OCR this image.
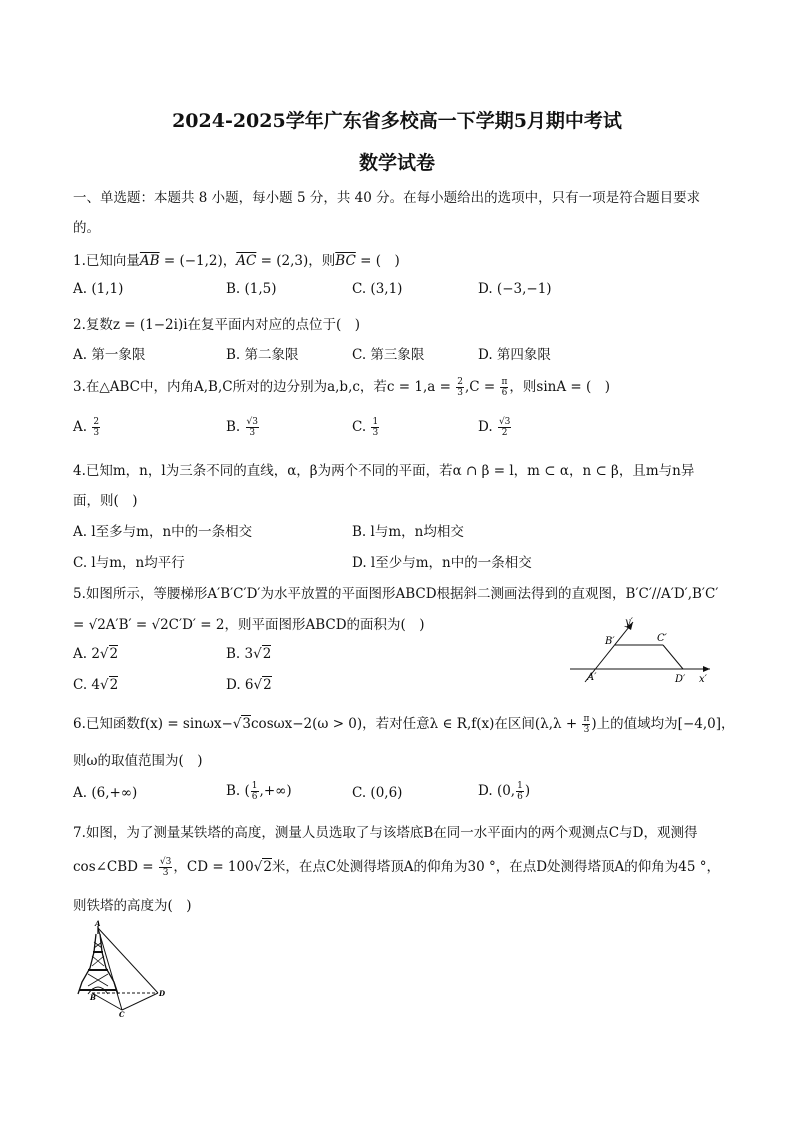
2024-2025学年广东省多校高一下学期5月期中考试
数学试卷
一、单选题：本题共 8 小题，每小题 5 分，共 40 分。在每小题给出的选项中，只有一项是符合题目要求
的。
1.已知向量$\overline{AB} = (-1,2)$，$\overline{AC} = (2,3)$，则$\overline{BC}$ = (　)
A. (1,1)	B. (1,5)	C. (3,1)	D. (−3,−1)
2.复数z = (1−2i)i在复平面内对应的点位于(　)
A. 第一象限	B. 第二象限	C. 第三象限	D. 第四象限
3.在△ABC中，内角A,B,C所对的边分别为a,b,c，若$c = 1,a = \frac{2}{3} ,C = \frac{\pi}{6}$ ，则sinA = (　)
A. $\frac{2}{3}$	B. $\frac{√3}{3}$	C. $\frac{1}{3}$	D. $\frac{√3}{2}$
4.已知m，n，l为三条不同的直线，α，β为两个不同的平面，若α ∩ β = l，m ⊂ α，n ⊂ β，且m与n异
面，则(　)
A. l至多与m，n中的一条相交	B. l与m，n均相交
C. l与m，n均平行	D. l至少与m，n中的一条相交
5.如图所示，等腰梯形A′B′C′D′为水平放置的平面图形ABCD根据斜二测画法得到的直观图，B′C′//A′D′,B′C′
= √2A′B′ = √2C′D′ = 2，则平面图形ABCD的面积为(　)
A. 2√2	B. 3√2
C. 4√2	D. 6√2
y′
B′	C′
A′	D′ x′
6.已知函数f(x) = sinωx−√3cosωx−2(ω > 0)，若对任意λ ∈ R,f(x)在区间($\lambda,\lambda + \frac{\pi}{3}$ )上的值域均为[−4,0]，
则ω的取值范围为(　)
A. (6,+∞)	B. ( $\frac{1}{6}$ ,+∞)	C. (0,6)	D. (0, $\frac{1}{6}$ )
7.如图，为了测量某铁塔的高度，测量人员选取了与该塔底B在同一水平面内的两个观测点C与D，观测得
cos∠CBD = $\frac{√3}{3}$ ，CD = 100√2米，在点C处测得塔顶A的仰角为30 °，在点D处测得塔顶A的仰角为45 °，
则铁塔的高度为(　)
A
B
C
D
